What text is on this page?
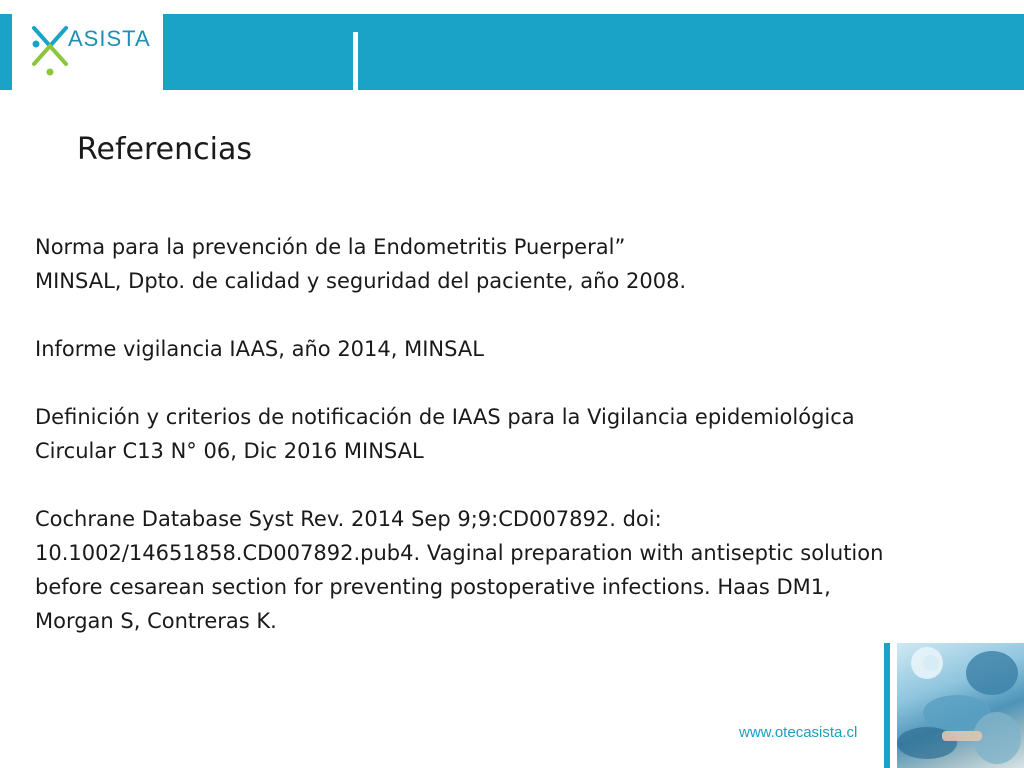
ASISTA
Referencias
Norma para la prevención de la Endometritis Puerperal”
MINSAL, Dpto. de calidad y seguridad del paciente, año 2008.
Informe vigilancia IAAS, año 2014, MINSAL
Definición y criterios de notificación de IAAS para la Vigilancia epidemiológica
Circular C13 N° 06, Dic 2016 MINSAL
Cochrane Database Syst Rev. 2014 Sep 9;9:CD007892. doi:
10.1002/14651858.CD007892.pub4. Vaginal preparation with antiseptic solution
before cesarean section for preventing postoperative infections. Haas DM1,
Morgan S, Contreras K.
www.otecasista.cl
